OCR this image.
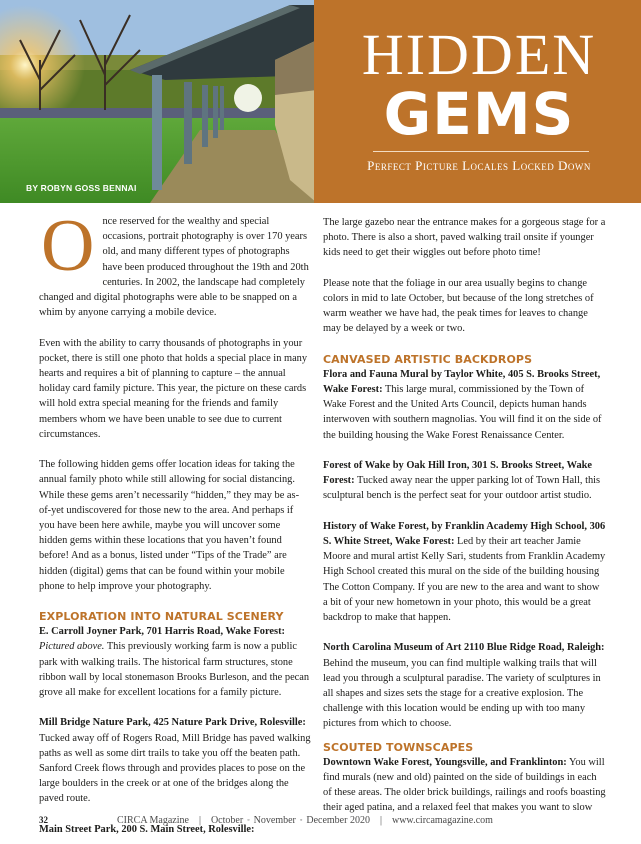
BY ROBYN GOSS BENNAI
HIDDEN
GEMS
Perfect Picture Locales Locked Down

Once reserved for the wealthy and special occasions, portrait photography is over 170 years old, and many different types of photographs have been produced throughout the 19th and 20th centuries. In 2002, the landscape had completely changed and digital photographs were able to be snapped on a whim by anyone carrying a mobile device.

Even with the ability to carry thousands of photographs in your pocket, there is still one photo that holds a special place in many hearts and requires a bit of planning to capture – the annual holiday card family picture. This year, the picture on these cards will hold extra special meaning for the friends and family members whom we have been unable to see due to current circumstances.

The following hidden gems offer location ideas for taking the annual family photo while still allowing for social distancing. While these gems aren’t necessarily “hidden,” they may be as-of-yet undiscovered for those new to the area. And perhaps if you have been here awhile, maybe you will uncover some hidden gems within these locations that you haven’t found before! And as a bonus, listed under “Tips of the Trade” are hidden (digital) gems that can be found within your mobile phone to help improve your photography.

EXPLORATION INTO NATURAL SCENERY

E. Carroll Joyner Park, 701 Harris Road, Wake Forest: Pictured above. This previously working farm is now a public park with walking trails. The historical farm structures, stone ribbon wall by local stonemason Brooks Burleson, and the pecan grove all make for excellent locations for a family picture.

Mill Bridge Nature Park, 425 Nature Park Drive, Rolesville: Tucked away off of Rogers Road, Mill Bridge has paved walking paths as well as some dirt trails to take you off the beaten path. Sanford Creek flows through and provides places to pose on the large boulders in the creek or at one of the bridges along the paved route.

Main Street Park, 200 S. Main Street, Rolesville:

The large gazebo near the entrance makes for a gorgeous stage for a photo. There is also a short, paved walking trail onsite if younger kids need to get their wiggles out before photo time!

Please note that the foliage in our area usually begins to change colors in mid to late October, but because of the long stretches of warm weather we have had, the peak times for leaves to change may be delayed by a week or two.

CANVASED ARTISTIC BACKDROPS

Flora and Fauna Mural by Taylor White, 405 S. Brooks Street, Wake Forest: This large mural, commissioned by the Town of Wake Forest and the United Arts Council, depicts human hands interwoven with southern magnolias. You will find it on the side of the building housing the Wake Forest Renaissance Center.

Forest of Wake by Oak Hill Iron, 301 S. Brooks Street, Wake Forest: Tucked away near the upper parking lot of Town Hall, this sculptural bench is the perfect seat for your outdoor artist studio.

History of Wake Forest, by Franklin Academy High School, 306 S. White Street, Wake Forest: Led by their art teacher Jamie Moore and mural artist Kelly Sari, students from Franklin Academy High School created this mural on the side of the building housing The Cotton Company. If you are new to the area and want to show a bit of your new hometown in your photo, this would be a great backdrop to make that happen.

North Carolina Museum of Art 2110 Blue Ridge Road, Raleigh: Behind the museum, you can find multiple walking trails that will lead you through a sculptural paradise. The variety of sculptures in all shapes and sizes sets the stage for a creative explosion. The challenge with this location would be ending up with too many pictures from which to choose.

SCOUTED TOWNSCAPES

Downtown Wake Forest, Youngsville, and Franklinton: You will find murals (new and old) painted on the side of buildings in each of these areas. The older brick buildings, railings and roofs boasting their aged patina, and a relaxed feel that makes you want to slow

32	CIRCA Magazine | October ◦ November ◦ December 2020 | www.circamagazine.com
